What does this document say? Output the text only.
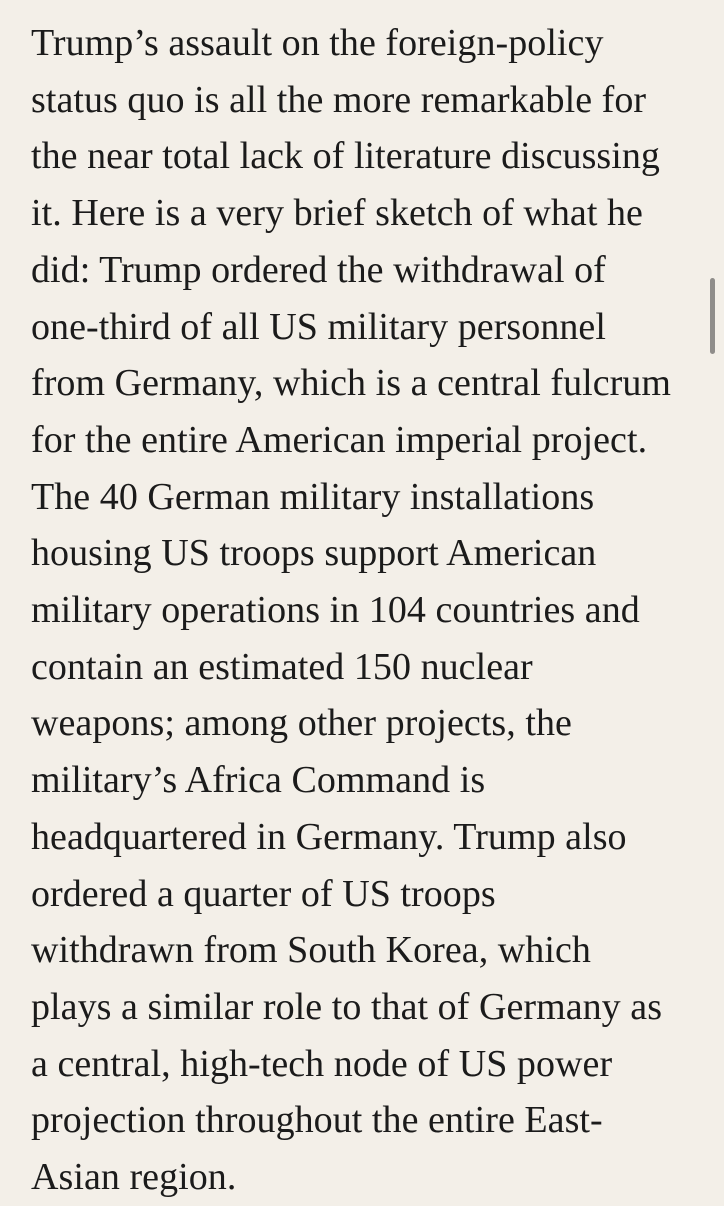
Trump’s assault on the foreign-policy
status quo is all the more remarkable for
the near total lack of literature discussing
it. Here is a very brief sketch of what he
did: Trump ordered the withdrawal of
one-third of all US military personnel
from Germany, which is a central fulcrum
for the entire American imperial project.
The 40 German military installations
housing US troops support American
military operations in 104 countries and
contain an estimated 150 nuclear
weapons; among other projects, the
military’s Africa Command is
headquartered in Germany. Trump also
ordered a quarter of US troops
withdrawn from South Korea, which
plays a similar role to that of Germany as
a central, high-tech node of US power
projection throughout the entire East-
Asian region.
